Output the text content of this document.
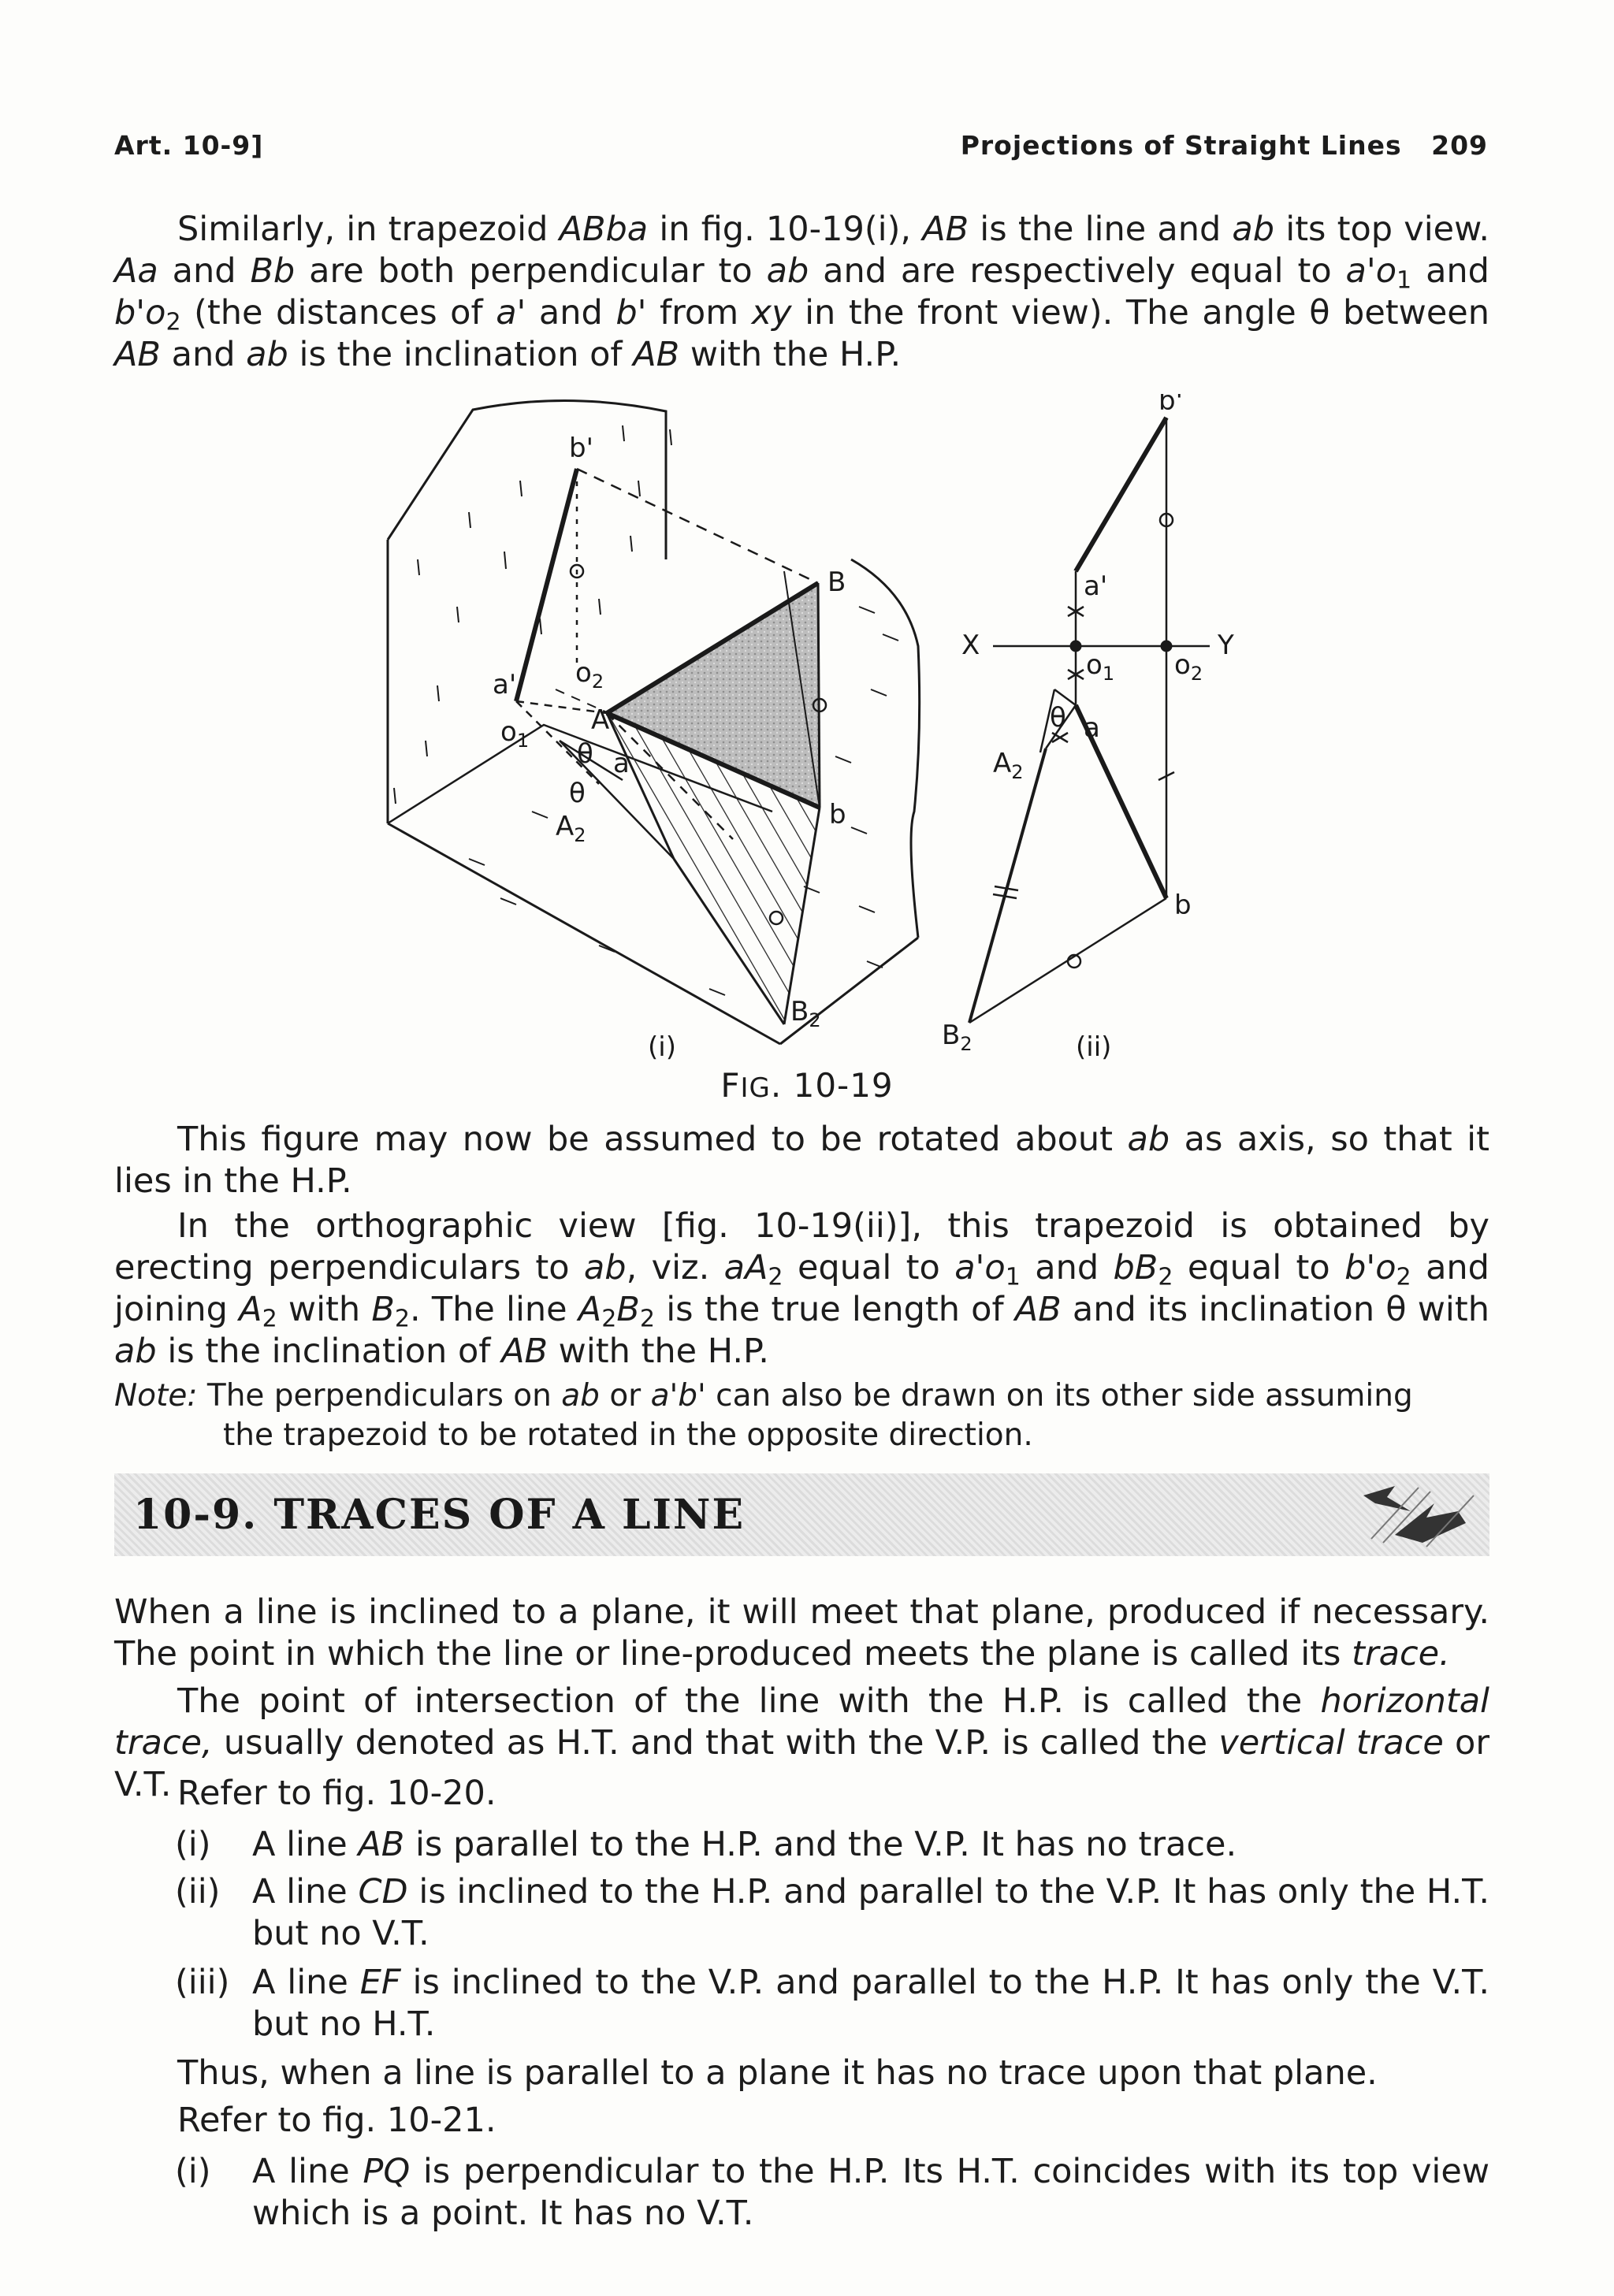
Art. 10-9]	Projections of Straight Lines   209

Similarly, in trapezoid ABba in fig. 10-19(i), AB is the line and ab its top view. Aa and Bb are both perpendicular to ab and are respectively equal to $a'o_1$ and $b'o_2$ (the distances of a' and b' from xy in the front view). The angle θ between AB and ab is the inclination of AB with the H.P.

b'
a'
$o_1$
$o_2$
A
B
a
b
$A_2$
$B_2$
θ
θ
(i)
b'
a'
X	Y
$o_1$ $o_2$
θ a
$A_2$
b
$B_2$	(ii)
FIG. 10-19

This figure may now be assumed to be rotated about ab as axis, so that it lies in the H.P.

In the orthographic view [fig. 10-19(ii)], this trapezoid is obtained by erecting perpendiculars to ab, viz. $aA_2$ equal to $a'o_1$ and $bB_2$ equal to $b'o_2$ and joining $A_2$ with $B_2$. The line $A_2B_2$ is the true length of AB and its inclination θ with ab is the inclination of AB with the H.P.

Note: The perpendiculars on ab or a'b' can also be drawn on its other side assuming
the trapezoid to be rotated in the opposite direction.

10-9. TRACES OF A LINE

When a line is inclined to a plane, it will meet that plane, produced if necessary. The point in which the line or line-produced meets the plane is called its trace.

The point of intersection of the line with the H.P. is called the horizontal trace, usually denoted as H.T. and that with the V.P. is called the vertical trace or V.T. Refer to fig. 10-20.

(i)	A line AB is parallel to the H.P. and the V.P. It has no trace.
(ii) A line CD is inclined to the H.P. and parallel to the V.P. It has only the H.T. but no V.T.
(iii) A line EF is inclined to the V.P. and parallel to the H.P. It has only the V.T. but no H.T.

Thus, when a line is parallel to a plane it has no trace upon that plane.

Refer to fig. 10-21.

(i)	A line PQ is perpendicular to the H.P. Its H.T. coincides with its top view which is a point. It has no V.T.
